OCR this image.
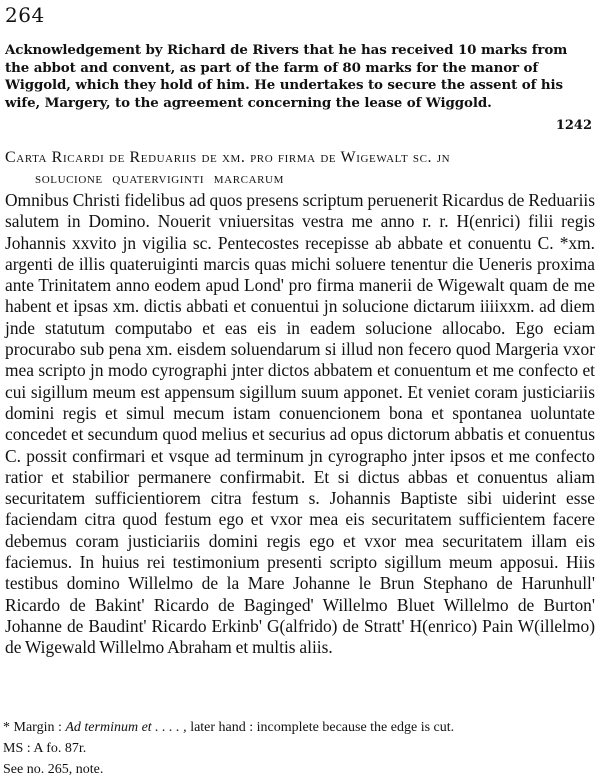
264

Acknowledgement by Richard de Rivers that he has received 10 marks from the abbot and convent, as part of the farm of 80 marks for the manor of Wiggold, which they hold of him. He undertakes to secure the assent of his wife, Margery, to the agreement concerning the lease of Wiggold.

1242
Carta Ricardi de Reduariis de xm. pro firma de Wigewalt sc. jn
solucione quaterviginti marcarum

Omnibus Christi fidelibus ad quos presens scriptum peruenerit Ricardus de Reduariis salutem in Domino. Nouerit vniuersitas vestra me anno r. r. H(enrici) filii regis Johannis xxvito jn vigilia sc. Pentecostes recepisse ab abbate et conuentu C. *xm. argenti de illis quateruiginti marcis quas michi soluere tenentur die Ueneris proxima ante Trinitatem anno eodem apud Lond' pro firma manerii de Wigewalt quam de me habent et ipsas xm. dictis abbati et conuentui jn solucione dictarum iiiixxm. ad diem jnde statutum computabo et eas eis in eadem solucione allocabo. Ego eciam procurabo sub pena xm. eisdem soluendarum si illud non fecero quod Margeria vxor mea scripto jn modo cyrographi jnter dictos abbatem et conuentum et me confecto et cui sigillum meum est appensum sigillum suum apponet. Et veniet coram justiciariis domini regis et simul mecum istam conuencionem bona et spontanea uoluntate concedet et secundum quod melius et securius ad opus dictorum abbatis et conuentus C. possit confirmari et vsque ad terminum jn cyrographo jnter ipsos et me confecto ratior et stabilior permanere confirmabit. Et si dictus abbas et conuentus aliam securitatem sufficientiorem citra festum s. Johannis Baptiste sibi uiderint esse faciendam citra quod festum ego et vxor mea eis securitatem sufficientem facere debemus coram justiciariis domini regis ego et vxor mea securitatem illam eis faciemus. In huius rei testimonium presenti scripto sigillum meum apposui. Hiis testibus domino Willelmo de la Mare Johanne le Brun Stephano de Harunhull' Ricardo de Bakint' Ricardo de Baginged' Willelmo Bluet Willelmo de Burton' Johanne de Baudint' Ricardo Erkinb' G(alfrido) de Stratt' H(enrico) Pain W(illelmo) de Wigewald Willelmo Abraham et multis aliis.

* Margin : Ad terminum et . . . . , later hand : incomplete because the edge is cut.
MS : A fo. 87r.
See no. 265, note.
